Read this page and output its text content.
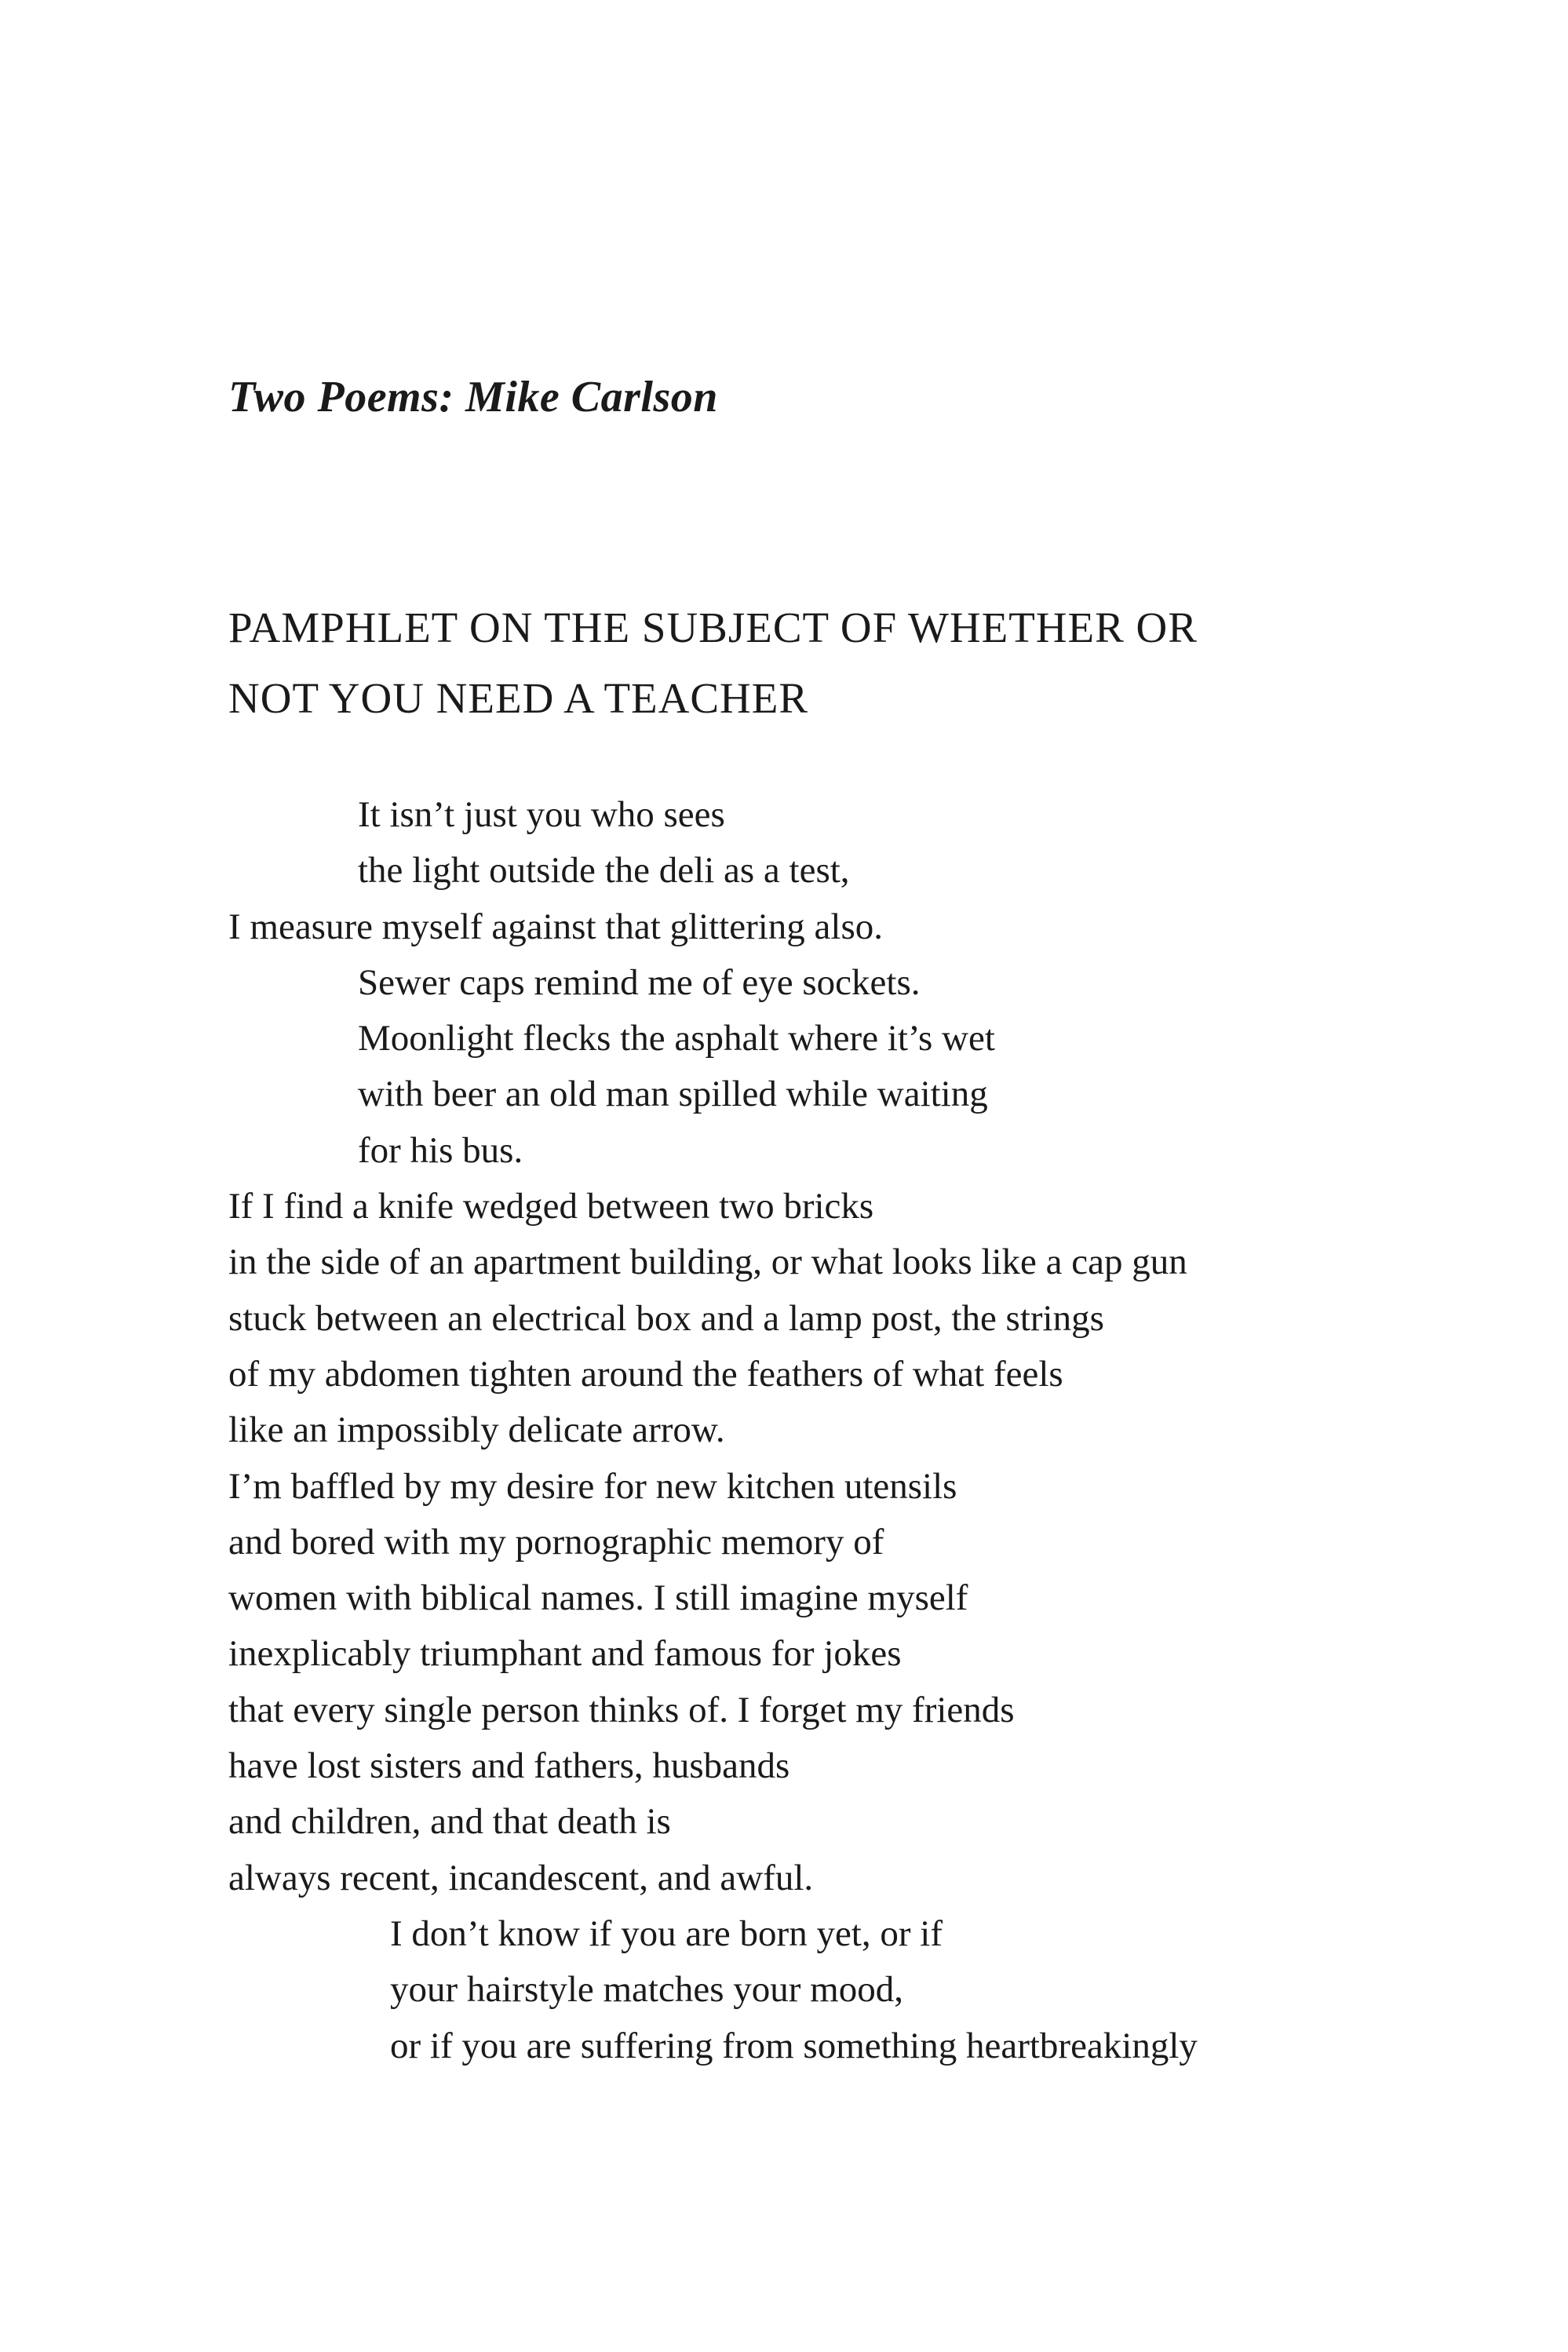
Two Poems: Mike Carlson
PAMPHLET ON THE SUBJECT OF WHETHER OR
NOT YOU NEED A TEACHER
It isn’t just you who sees
the light outside the deli as a test,
I measure myself against that glittering also.
Sewer caps remind me of eye sockets.
Moonlight flecks the asphalt where it’s wet
with beer an old man spilled while waiting
for his bus.
If I find a knife wedged between two bricks
in the side of an apartment building, or what looks like a cap gun
stuck between an electrical box and a lamp post, the strings
of my abdomen tighten around the feathers of what feels
like an impossibly delicate arrow.
I’m baffled by my desire for new kitchen utensils
and bored with my pornographic memory of
women with biblical names. I still imagine myself
inexplicably triumphant and famous for jokes
that every single person thinks of. I forget my friends
have lost sisters and fathers, husbands
and children, and that death is
always recent, incandescent, and awful.
I don’t know if you are born yet, or if
your hairstyle matches your mood,
or if you are suffering from something heartbreakingly
